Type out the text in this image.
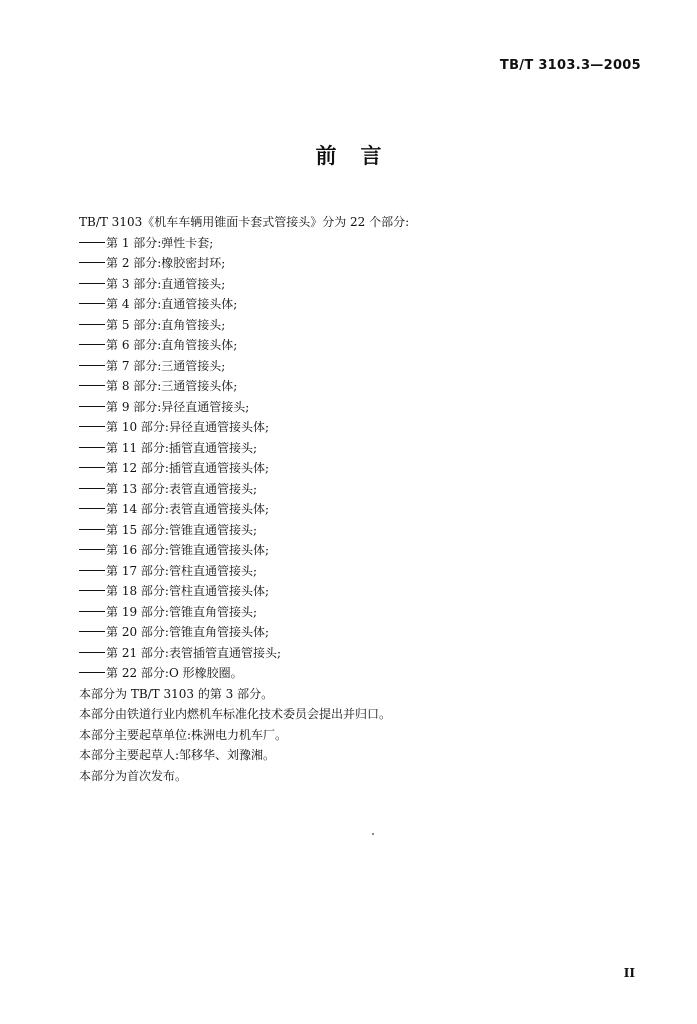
TB/T 3103.3—2005
前言
TB/T 3103《机车车辆用锥面卡套式管接头》分为 22 个部分:
第 1 部分:弹性卡套;
第 2 部分:橡胶密封环;
第 3 部分:直通管接头;
第 4 部分:直通管接头体;
第 5 部分:直角管接头;
第 6 部分:直角管接头体;
第 7 部分:三通管接头;
第 8 部分:三通管接头体;
第 9 部分:异径直通管接头;
第 10 部分:异径直通管接头体;
第 11 部分:插管直通管接头;
第 12 部分:插管直通管接头体;
第 13 部分:表管直通管接头;
第 14 部分:表管直通管接头体;
第 15 部分:管锥直通管接头;
第 16 部分:管锥直通管接头体;
第 17 部分:管柱直通管接头;
第 18 部分:管柱直通管接头体;
第 19 部分:管锥直角管接头;
第 20 部分:管锥直角管接头体;
第 21 部分:表管插管直通管接头;
第 22 部分:O 形橡胶圈。
本部分为 TB/T 3103 的第 3 部分。
本部分由铁道行业内燃机车标准化技术委员会提出并归口。
本部分主要起草单位:株洲电力机车厂。
本部分主要起草人:邹移华、刘豫湘。
本部分为首次发布。
II
